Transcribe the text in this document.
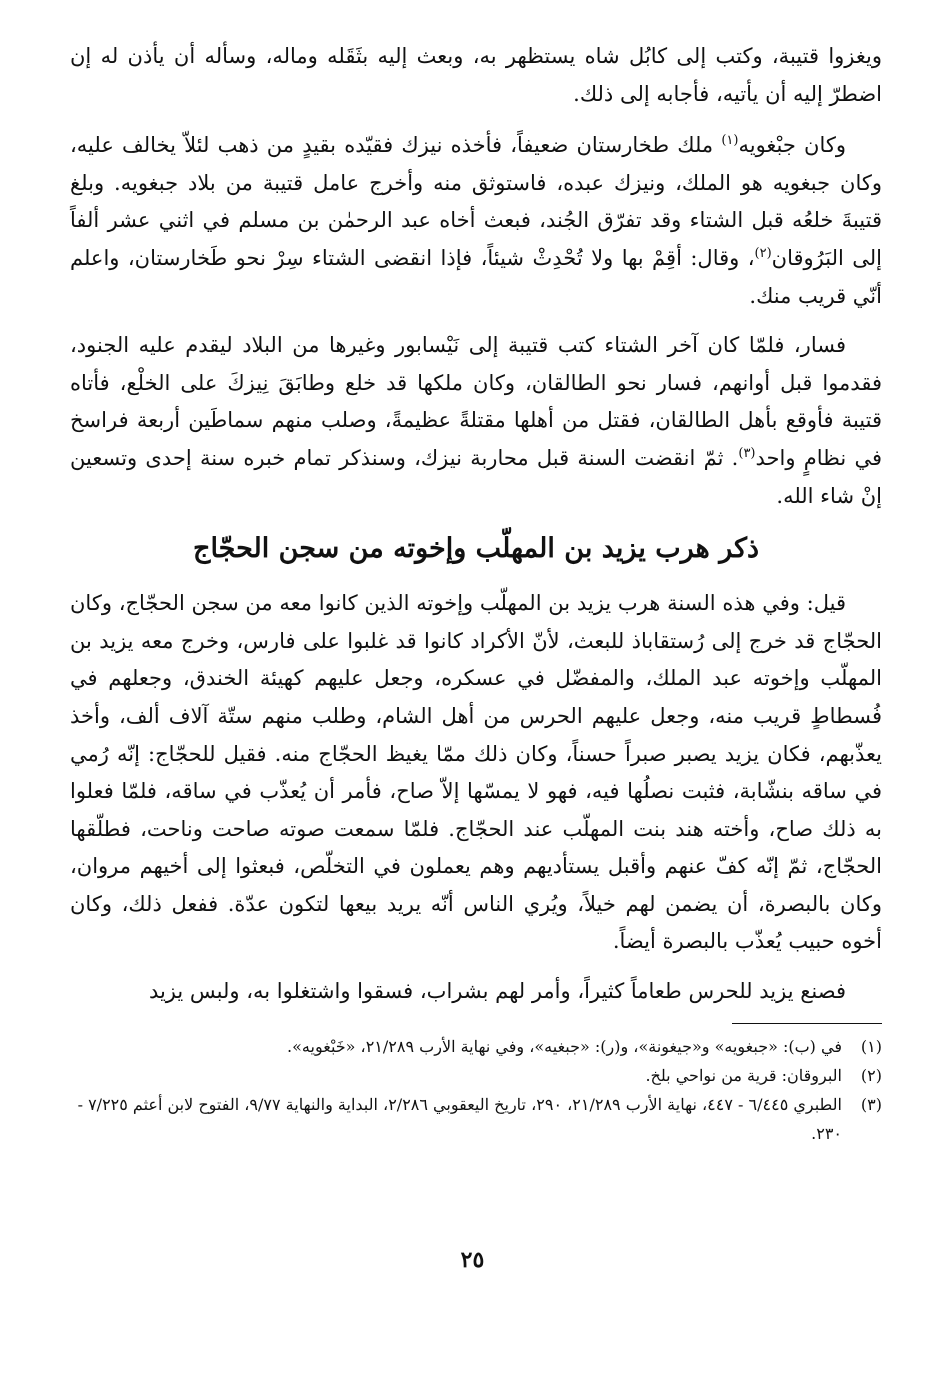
ويغزوا قتيبة، وكتب إلى كابُل شاه يستظهر به، وبعث إليه بثَقَله وماله، وسأله أن يأذن له إن اضطرّ إليه أن يأتيه، فأجابه إلى ذلك.

وكان جبْغويه$^{(١)}$ ملك طخارستان ضعيفاً، فأخذه نيزك فقيّده بقيدٍ من ذهب لئلاّ يخالف عليه، وكان جبغويه هو الملك، ونيزك عبده، فاستوثق منه وأخرج عامل قتيبة من بلاد جبغويه. وبلغ قتيبةَ خلعُه قبل الشتاء وقد تفرّق الجُند، فبعث أخاه عبد الرحمٰن بن مسلم في اثني عشر ألفاً إلى البَرُوقان$^{(٢)}$، وقال: أقِمْ بها ولا تُحْدِثْ شيئاً، فإذا انقضى الشتاء سِرْ نحو طَخارستان، واعلم أنّي قريب منك.

فسار، فلمّا كان آخر الشتاء كتب قتيبة إلى نَيْسابور وغيرها من البلاد ليقدم عليه الجنود، فقدموا قبل أوانهم، فسار نحو الطالقان، وكان ملكها قد خلع وطابَقَ نِيزكَ على الخلْع، فأتاه قتيبة فأوقع بأهل الطالقان، فقتل من أهلها مقتلةً عظيمةً، وصلب منهم سماطَين أربعة فراسخ في نظامٍ واحد$^{(٣)}$. ثمّ انقضت السنة قبل محاربة نيزك، وسنذكر تمام خبره سنة إحدى وتسعين إنْ شاء الله.

ذكر هرب يزيد بن المهلّب وإخوته من سجن الحجّاج

قيل: وفي هذه السنة هرب يزيد بن المهلّب وإخوته الذين كانوا معه من سجن الحجّاج، وكان الحجّاج قد خرج إلى رُستقاباذ للبعث، لأنّ الأكراد كانوا قد غلبوا على فارس، وخرج معه يزيد بن المهلّب وإخوته عبد الملك، والمفضّل في عسكره، وجعل عليهم كهيئة الخندق، وجعلهم في فُسطاطٍ قريب منه، وجعل عليهم الحرس من أهل الشام، وطلب منهم ستّة آلاف ألف، وأخذ يعذّبهم، فكان يزيد يصبر صبراً حسناً، وكان ذلك ممّا يغيظ الحجّاج منه. فقيل للحجّاج: إنّه رُمي في ساقه بنشّابة، فثبت نصلُها فيه، فهو لا يمسّها إلاّ صاح، فأمر أن يُعذّب في ساقه، فلمّا فعلوا به ذلك صاح، وأخته هند بنت المهلّب عند الحجّاج. فلمّا سمعت صوته صاحت وناحت، فطلّقها الحجّاج، ثمّ إنّه كفّ عنهم وأقبل يستأديهم وهم يعملون في التخلّص، فبعثوا إلى أخيهم مروان، وكان بالبصرة، أن يضمن لهم خيلاً، ويُري الناس أنّه يريد بيعها لتكون عدّة. ففعل ذلك، وكان أخوه حبيب يُعذّب بالبصرة أيضاً.

فصنع يزيد للحرس طعاماً كثيراً، وأمر لهم بشراب، فسقوا واشتغلوا به، ولبس يزيد

(١)
في (ب): «جبغويه» و«جيغونة»، و(ر): «جبغيه»، وفي نهاية الأرب ٢١/٢٨٩، «خَبْغويه».
(٢)
البروقان: قرية من نواحي بلخ.
(٣)
الطبري ٦/٤٤٥ - ٤٤٧، نهاية الأرب ٢١/٢٨٩، ٢٩٠، تاريخ اليعقوبي ٢/٢٨٦، البداية والنهاية ٩/٧٧، الفتوح لابن أعثم ٧/٢٢٥ - ٢٣٠.
٢٥
